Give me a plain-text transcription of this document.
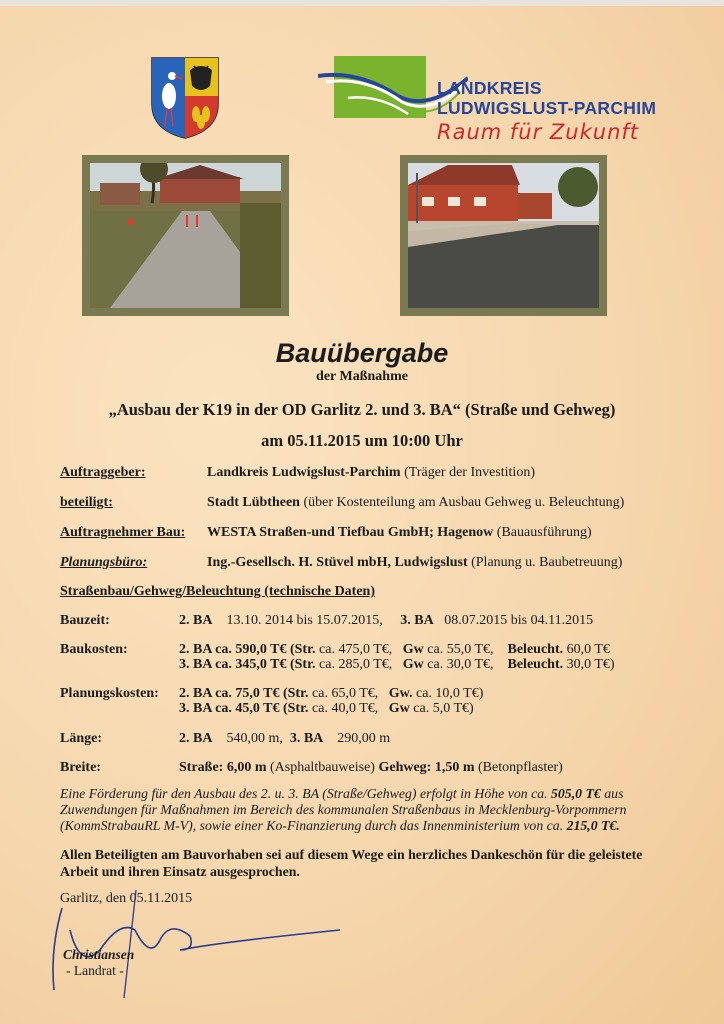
LANDKREIS
LUDWIGSLUST-PARCHIM
Raum für Zukunft
Bauübergabe
der Maßnahme
„Ausbau der K19 in der OD Garlitz 2. und 3. BA“ (Straße und Gehweg)
am 05.11.2015 um 10:00 Uhr
Auftraggeber:	Landkreis Ludwigslust-Parchim (Träger der Investition)
beteiligt:	Stadt Lübtheen (über Kostenteilung am Ausbau Gehweg u. Beleuchtung)
Auftragnehmer Bau: WESTA Straßen-und Tiefbau GmbH; Hagenow (Bauausführung)
Planungsbüro:	Ing.-Gesellsch. H. Stüvel mbH, Ludwigslust (Planung u. Baubetreuung)
Straßenbau/Gehweg/Beleuchtung (technische Daten)
Bauzeit:	2. BA 13.10. 2014 bis 15.07.2015, 3. BA 08.07.2015 bis 04.11.2015
Baukosten:	2. BA ca. 590,0 T€ (Str. ca. 475,0 T€, Gw ca. 55,0 T€, Beleucht. 60,0 T€
3. BA ca. 345,0 T€ (Str. ca. 285,0 T€, Gw ca. 30,0 T€, Beleucht. 30,0 T€)
Planungskosten: 2. BA ca. 75,0 T€ (Str. ca. 65,0 T€, Gw. ca. 10,0 T€)
3. BA ca. 45,0 T€ (Str. ca. 40,0 T€, Gw ca. 5,0 T€)
Länge:	2. BA 540,00 m, 3. BA 290,00 m
Breite:	Straße: 6,00 m (Asphaltbauweise) Gehweg: 1,50 m (Betonpflaster)
Eine Förderung für den Ausbau des 2. u. 3. BA (Straße/Gehweg) erfolgt in Höhe von ca. 505,0 T€ aus Zuwendungen für Maßnahmen im Bereich des kommunalen Straßenbaus in Mecklenburg-Vorpommern (KommStrabauRL M-V), sowie einer Ko-Finanzierung durch das Innenministerium von ca. 215,0 T€.
Allen Beteiligten am Bauvorhaben sei auf diesem Wege ein herzliches Dankeschön für die geleistete Arbeit und ihren Einsatz ausgesprochen.
Garlitz, den 05.11.2015
Christiansen
- Landrat -
